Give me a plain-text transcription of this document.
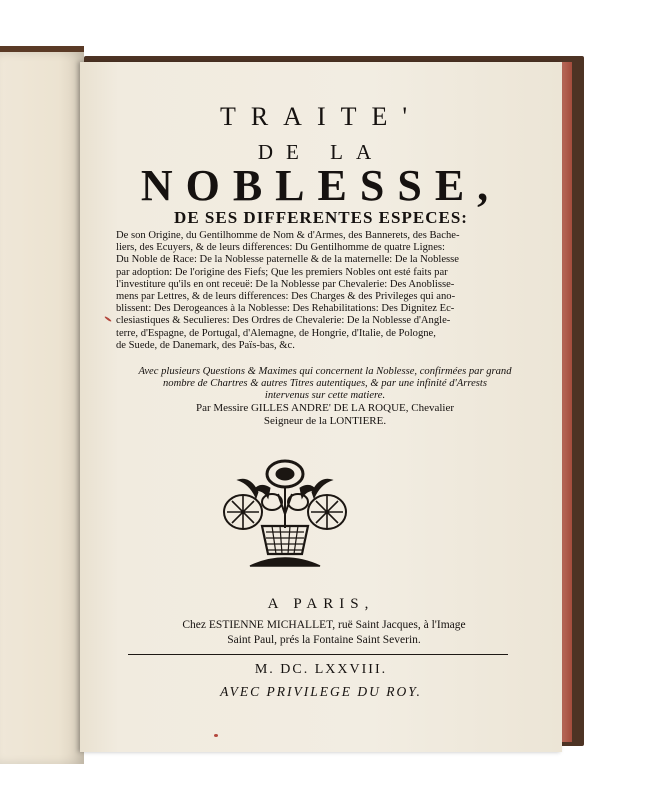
TRAITE'
DE LA
NOBLESSE,
DE SES DIFFERENTES ESPECES:
De son Origine, du Gentilhomme de Nom & d'Armes, des Bannerets, des Bache-
liers, des Ecuyers, & de leurs differences: Du Gentilhomme de quatre Lignes:
Du Noble de Race: De la Noblesse paternelle & de la maternelle: De la Noblesse
par adoption: De l'origine des Fiefs; Que les premiers Nobles ont esté faits par
l'investiture qu'ils en ont receuë: De la Noblesse par Chevalerie: Des Anoblisse-
mens par Lettres, & de leurs differences: Des Charges & des Privileges qui ano-
blissent: Des Derogeances à la Noblesse: Des Rehabilitations: Des Dignitez Ec-
clesiastiques & Seculieres: Des Ordres de Chevalerie: De la Noblesse d'Angle-
terre, d'Espagne, de Portugal, d'Alemagne, de Hongrie, d'Italie, de Pologne,
de Suede, de Danemark, des Païs-bas, &c.
Avec plusieurs Questions & Maximes qui concernent la Noblesse, confirmées par grand
nombre de Chartres & autres Titres autentiques, & par une infinité d'Arrests
intervenus sur cette matiere.
Par Messire GILLES ANDRE' DE LA ROQUE, Chevalier
Seigneur de la LONTIERE.
A PARIS,
Chez ESTIENNE MICHALLET, ruë Saint Jacques, à l'Image
Saint Paul, prés la Fontaine Saint Severin.
M. DC. LXXVIII.
AVEC PRIVILEGE DU ROY.
